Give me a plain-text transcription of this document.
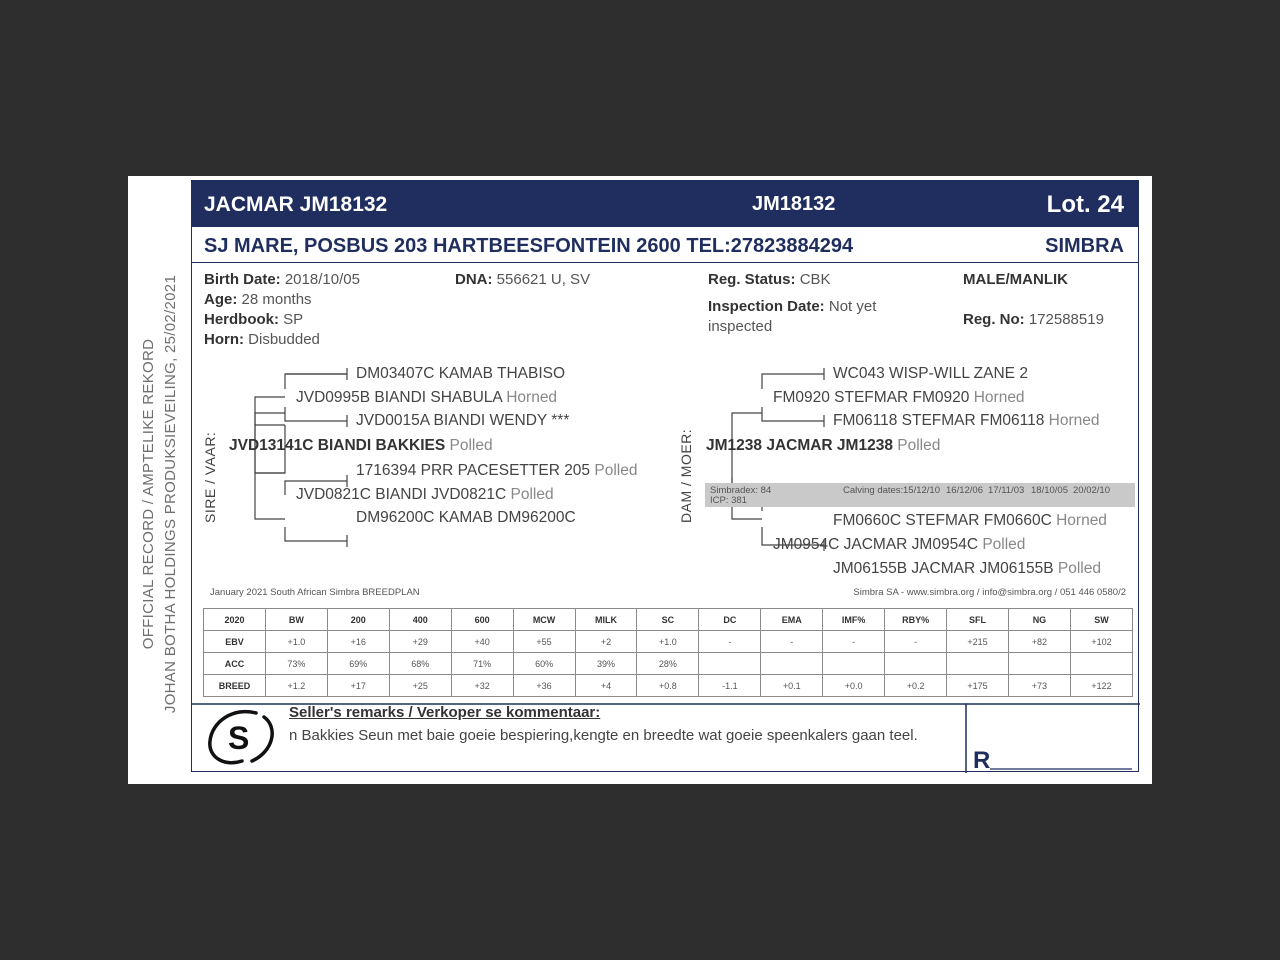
OFFICIAL RECORD / AMPTELIKE REKORD JOHAN BOTHA HOLDINGS PRODUKSIEVEILING, 25/02/2021
JACMAR JM18132	JM18132	Lot. 24
SJ MARE, POSBUS 203 HARTBEESFONTEIN 2600 TEL:27823884294	SIMBRA
Birth Date: 2018/10/05
Age: 28 months
Herdbook: SP
Horn: Disbudded
DNA: 556621 U, SV	Reg. Status: CBK
Inspection Date: Not yet
inspected
MALE/MANLIK
Reg. No: 172588519
SIRE / VAAR:	DAM / MOER:
DM03407C KAMAB THABISO
JVD0995B BIANDI SHABULA Horned
JVD0015A BIANDI WENDY ***
JVD13141C BIANDI BAKKIES Polled
1716394 PRR PACESETTER 205 Polled
JVD0821C BIANDI JVD0821C Polled
DM96200C KAMAB DM96200C
WC043 WISP-WILL ZANE 2
FM0920 STEFMAR FM0920 Horned
FM06118 STEFMAR FM06118 Horned
JM1238 JACMAR JM1238 Polled
Simbradex: 84
ICP: 381
Calving dates: 15/12/10 16/12/06 17/11/03 18/10/05 20/02/10
FM0660C STEFMAR FM0660C Horned
JM0954C JACMAR JM0954C Polled
JM06155B JACMAR JM06155B Polled
January 2021 South African Simbra BREEDPLAN	Simbra SA - www.simbra.org / info@simbra.org / 051 446 0580/2
2020	BW	200	400	600	MCW	MILK	SC	DC	EMA	IMF%	RBY%	SFL	NG	SW
EBV	+1.0	+16	+29	+40	+55	+2	+1.0	-	-	-	-	+215	+82	+102
ACC	73%	69%	68%	71%	60%	39%	28%							
BREED	+1.2	+17	+25	+32	+36	+4	+0.8	-1.1	+0.1	+0.0	+0.2	+175	+73	+122
S
Seller's remarks / Verkoper se kommentaar:
n Bakkies Seun met baie goeie bespiering,kengte en breedte wat goeie speenkalers gaan teel.
R
